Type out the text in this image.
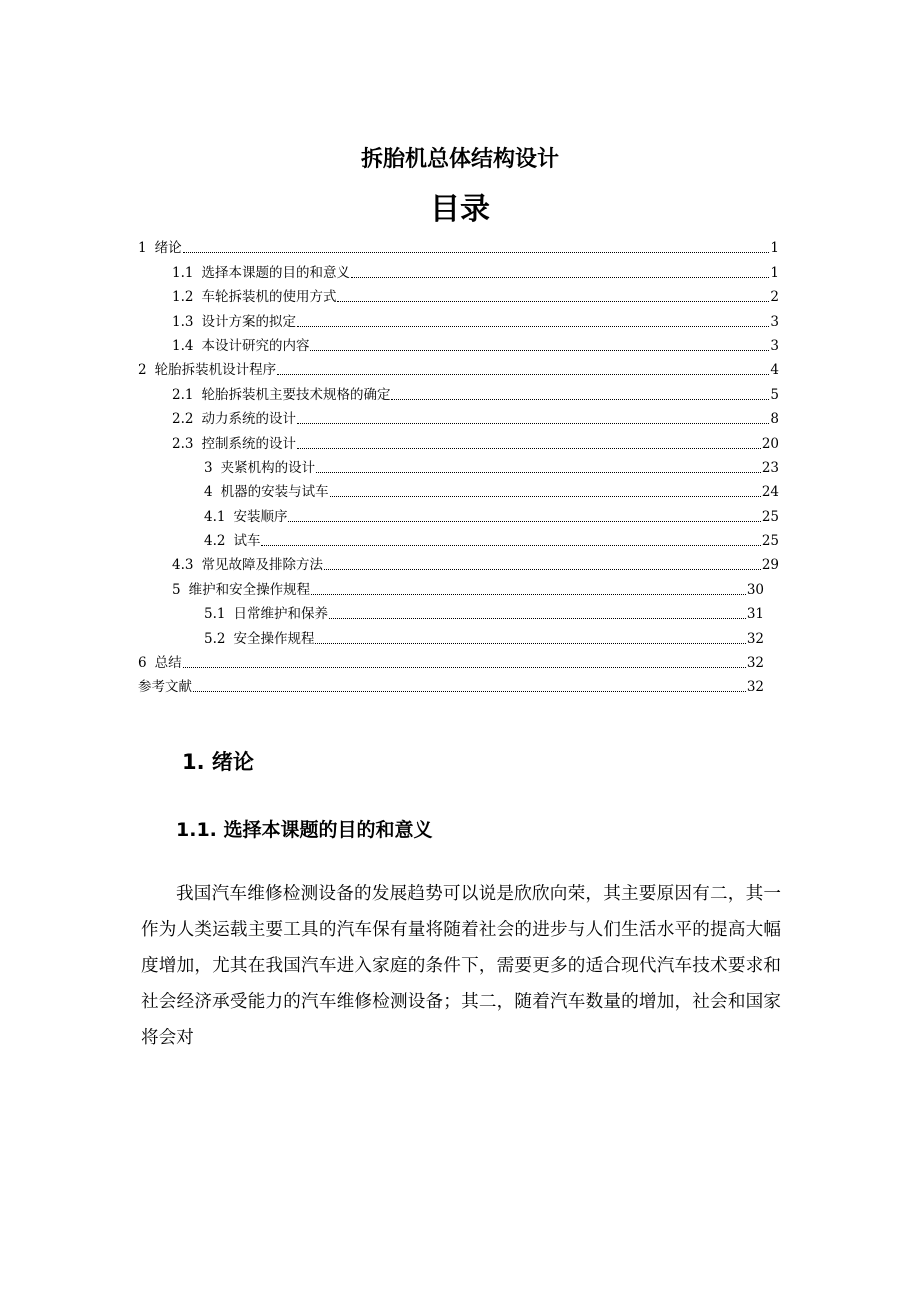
拆胎机总体结构设计
目录
1 绪论	1
1.1 选择本课题的目的和意义	1
1.2 车轮拆装机的使用方式	2
1.3 设计方案的拟定	3
1.4 本设计研究的内容	3
2 轮胎拆装机设计程序	4
2.1 轮胎拆装机主要技术规格的确定	5
2.2 动力系统的设计	8
2.3 控制系统的设计	20
3 夹紧机构的设计	23
4 机器的安装与试车	24
4.1 安装顺序	25
4.2 试车	25
4.3 常见故障及排除方法	29
5 维护和安全操作规程	30
5.1 日常维护和保养	31
5.2 安全操作规程	32
6 总结	32
参考文献	32
1. 绪论
1.1. 选择本课题的目的和意义

我国汽车维修检测设备的发展趋势可以说是欣欣向荣，其主要原因有二，其一作为人类运载主要工具的汽车保有量将随着社会的进步与人们生活水平的提高大幅度增加，尤其在我国汽车进入家庭的条件下，需要更多的适合现代汽车技术要求和社会经济承受能力的汽车维修检测设备；其二，随着汽车数量的增加，社会和国家将会对
